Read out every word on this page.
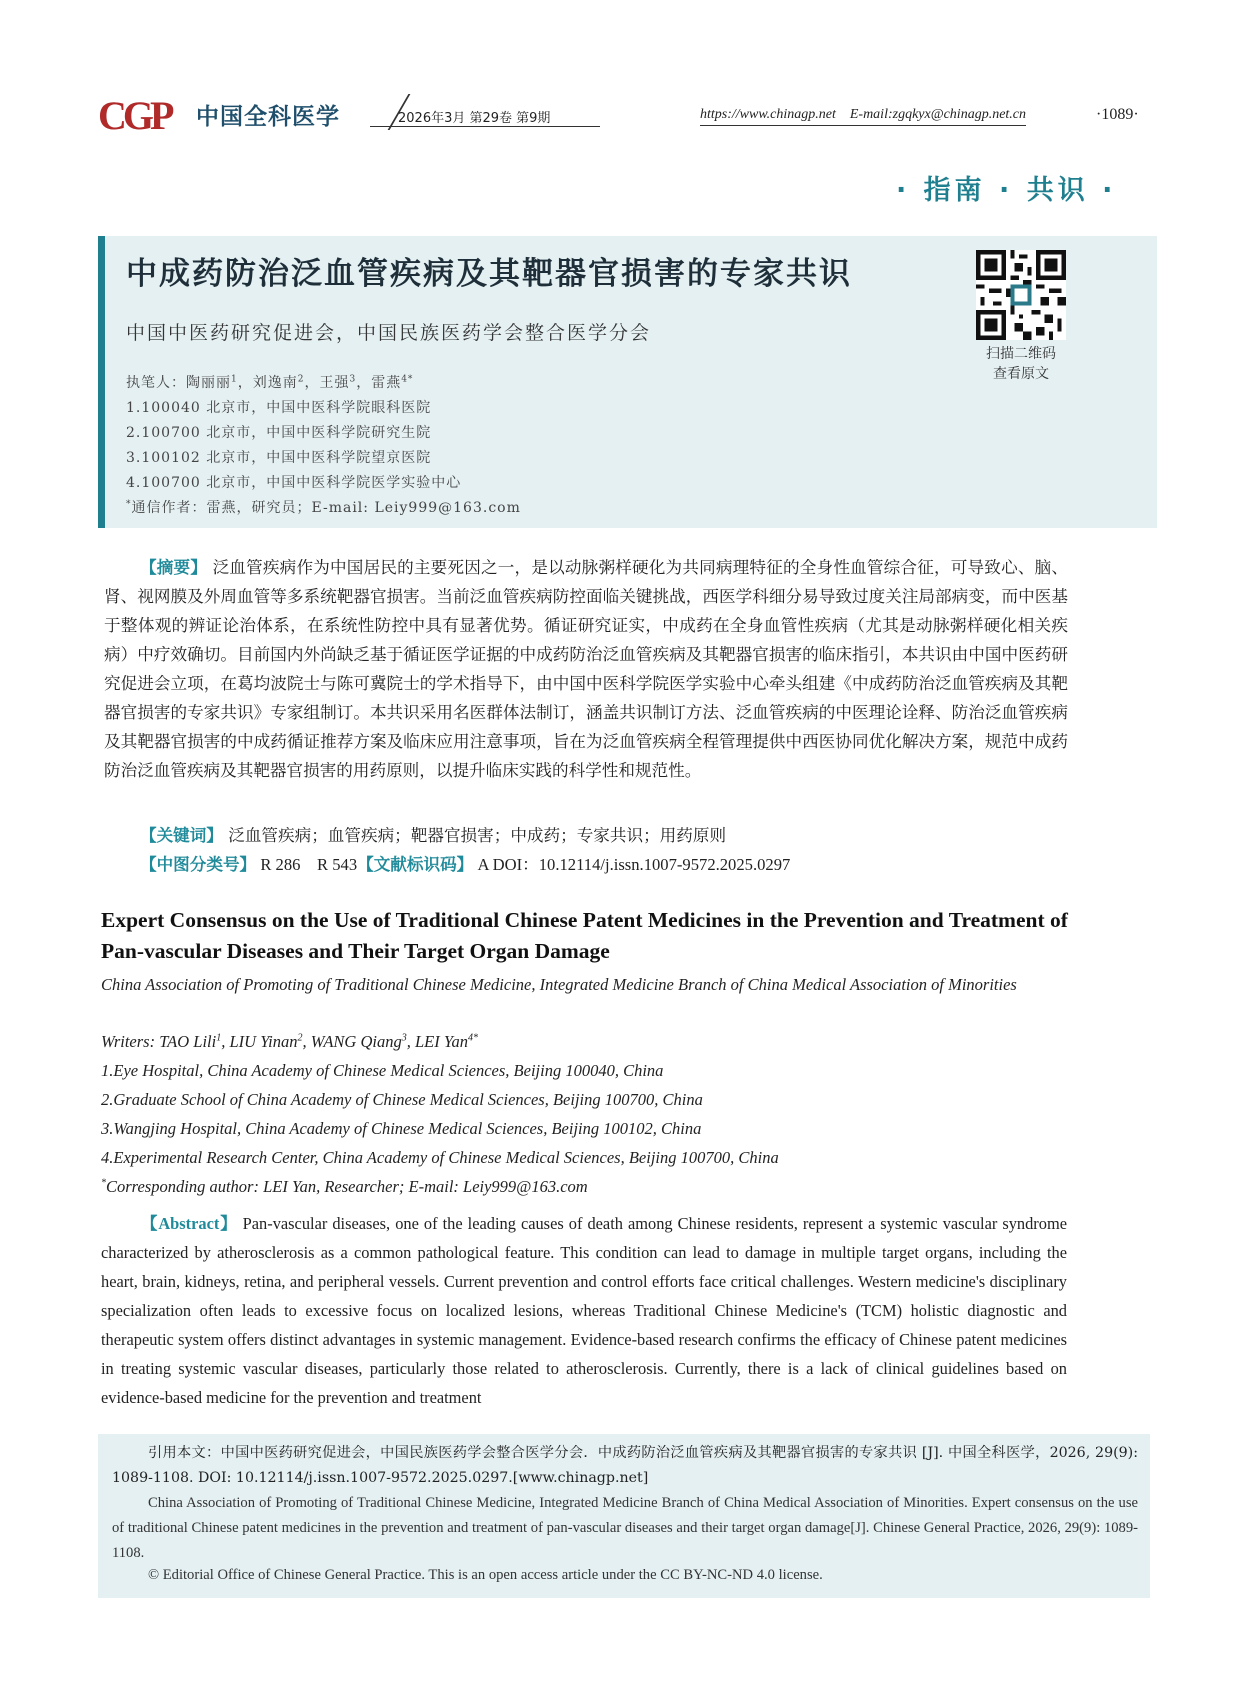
CGP 中国全科医学	2026年3月 第29卷 第9期	https://www.chinagp.net E-mail:zgqkyx@chinagp.net.cn	·1089·
· 指南 · 共识 ·
中成药防治泛血管疾病及其靶器官损害的专家共识
中国中医药研究促进会，中国民族医药学会整合医学分会
扫描二维码
查看原文
执笔人：陶丽丽$^1$，刘逸南$^2$，王强$^3$，雷燕$^{4*}$
1.100040 北京市，中国中医科学院眼科医院
2.100700 北京市，中国中医科学院研究生院
3.100102 北京市，中国中医科学院望京医院
4.100700 北京市，中国中医科学院医学实验中心
*通信作者：雷燕，研究员；E-mail: Leiy999@163.com
【摘要】 泛血管疾病作为中国居民的主要死因之一，是以动脉粥样硬化为共同病理特征的全身性血管综合征，可导致心、脑、肾、视网膜及外周血管等多系统靶器官损害。当前泛血管疾病防控面临关键挑战，西医学科细分易导致过度关注局部病变，而中医基于整体观的辨证论治体系，在系统性防控中具有显著优势。循证研究证实，中成药在全身血管性疾病（尤其是动脉粥样硬化相关疾病）中疗效确切。目前国内外尚缺乏基于循证医学证据的中成药防治泛血管疾病及其靶器官损害的临床指引，本共识由中国中医药研究促进会立项，在葛均波院士与陈可冀院士的学术指导下，由中国中医科学院医学实验中心牵头组建《中成药防治泛血管疾病及其靶器官损害的专家共识》专家组制订。本共识采用名医群体法制订，涵盖共识制订方法、泛血管疾病的中医理论诠释、防治泛血管疾病及其靶器官损害的中成药循证推荐方案及临床应用注意事项，旨在为泛血管疾病全程管理提供中西医协同优化解决方案，规范中成药防治泛血管疾病及其靶器官损害的用药原则，以提升临床实践的科学性和规范性。
【关键词】 泛血管疾病；血管疾病；靶器官损害；中成药；专家共识；用药原则
【中图分类号】 R 286    R 543【文献标识码】 A DOI：10.12114/j.issn.1007-9572.2025.0297
Expert Consensus on the Use of Traditional Chinese Patent Medicines in the Prevention and Treatment of Pan-vascular Diseases and Their Target Organ Damage
China Association of Promoting of Traditional Chinese Medicine, Integrated Medicine Branch of China Medical Association of Minorities
Writers: TAO Lili$^1$, LIU Yinan$^2$, WANG Qiang$^3$, LEI Yan$^{4*}$
1.Eye Hospital, China Academy of Chinese Medical Sciences, Beijing 100040, China
2.Graduate School of China Academy of Chinese Medical Sciences, Beijing 100700, China
3.Wangjing Hospital, China Academy of Chinese Medical Sciences, Beijing 100102, China
4.Experimental Research Center, China Academy of Chinese Medical Sciences, Beijing 100700, China
*Corresponding author: LEI Yan, Researcher; E-mail: Leiy999@163.com
【Abstract】 Pan-vascular diseases, one of the leading causes of death among Chinese residents, represent a systemic vascular syndrome characterized by atherosclerosis as a common pathological feature. This condition can lead to damage in multiple target organs, including the heart, brain, kidneys, retina, and peripheral vessels. Current prevention and control efforts face critical challenges. Western medicine's disciplinary specialization often leads to excessive focus on localized lesions, whereas Traditional Chinese Medicine's (TCM) holistic diagnostic and therapeutic system offers distinct advantages in systemic management. Evidence-based research confirms the efficacy of Chinese patent medicines in treating systemic vascular diseases, particularly those related to atherosclerosis. Currently, there is a lack of clinical guidelines based on evidence-based medicine for the prevention and treatment
引用本文：中国中医药研究促进会，中国民族医药学会整合医学分会．中成药防治泛血管疾病及其靶器官损害的专家共识 [J]. 中国全科医学，2026, 29(9): 1089-1108. DOI: 10.12114/j.issn.1007-9572.2025.0297.[www.chinagp.net]
China Association of Promoting of Traditional Chinese Medicine, Integrated Medicine Branch of China Medical Association of Minorities. Expert consensus on the use of traditional Chinese patent medicines in the prevention and treatment of pan-vascular diseases and their target organ damage[J]. Chinese General Practice, 2026, 29(9): 1089-1108.
© Editorial Office of Chinese General Practice. This is an open access article under the CC BY-NC-ND 4.0 license.
